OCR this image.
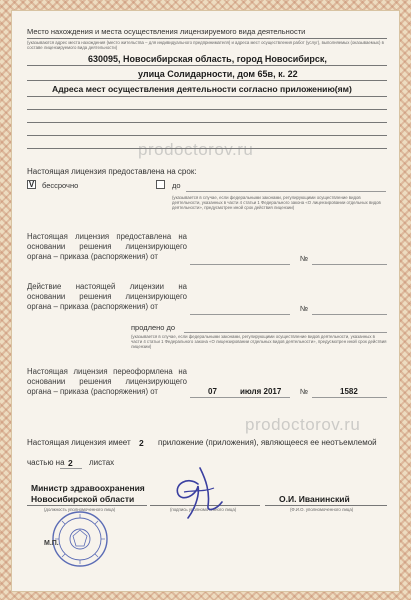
prodoctorov.ru
prodoctorov.ru
Место нахождения и места осуществления лицензируемого вида деятельности
(указываются адрес места нахождения (место жительства – для индивидуального предпринимателя) и адреса мест осуществления работ (услуг), выполняемых (оказываемых) в составе лицензируемого вида деятельности)
630095, Новосибирская область, город Новосибирск,
улица Солидарности, дом 65в, к. 22
Адреса мест осуществления деятельности согласно приложению(ям)
Настоящая лицензия предоставлена на срок:
V бессрочно	до
(указывается в случае, если федеральными законами, регулирующими осуществление видов деятельности, указанных в части 4 статьи 1 Федерального закона «О лицензировании отдельных видов деятельности», предусмотрен иной срок действия лицензии)
Настоящая лицензия предоставлена на основании решения лицензирующего органа – приказа (распоряжения) от	№
Действие настоящей лицензии на основании решения лицензирующего органа – приказа (распоряжения) от	№
продлено до
(указывается в случае, если федеральными законами, регулирующими осуществление видов деятельности, указанных в части 4 статьи 1 Федерального закона «О лицензировании отдельных видов деятельности», предусмотрен иной срок действия лицензии)
Настоящая лицензия переоформлена на основании решения лицензирующего органа – приказа (распоряжения) от	07	июля 2017 №	1582
Настоящая лицензия имеет 2 приложение (приложения), являющееся ее неотъемлемой
частью на 2 листах
Министр здравоохранения
Новосибирской области
(должность уполномоченного лица)	(подпись уполномоченного лица)
О.И. Иванинский
(Ф.И.О. уполномоченного лица)
М.П.
